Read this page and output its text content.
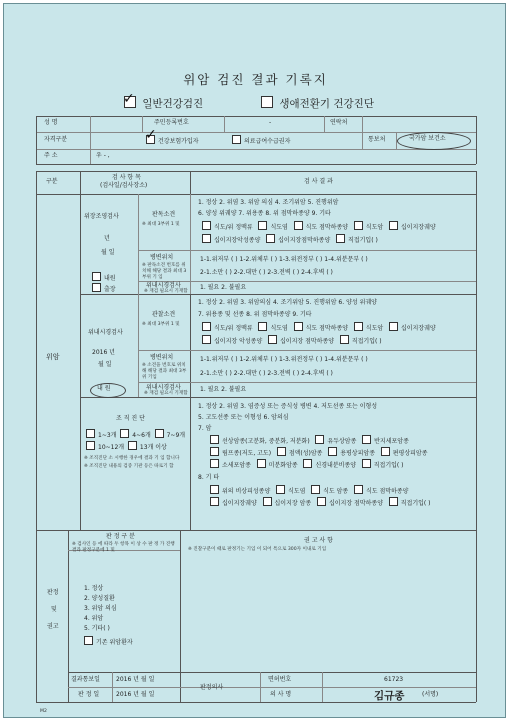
위암 검진 결과 기록지
✓ 일반건강검진	생애전환기 건강진단
성 명	주민등록번호	-	연락처
자격구분
✓	건강보험가입자	의료급여수급권자	통보처	국가암 보건소
주 소	우 - ,
구분
검 사 항 목
(검사일/검사장소)
검 사 결 과
위암
위장조영검사
년
월 일
내원
출장
판독소견
※ 최대 3부위 1 및
1. 정상 2. 위염 3. 위암 의심 4. 조기위암 5. 진행위암
6. 양성 위궤양 7. 위용종 8. 위 점막하종양 9. 기타
식도/위 정맥류	식도염	식도 점막하종양	식도암	십이지장궤양
십이지장악성종양	십이지장점막하종양	직접기입( )
병변위치
※ 판독소견 번호를 위치해 해당 결과 최대 3부위 기 입
1-1.위저부 ( ) 1-2.위체부 ( ) 1-3.위전정부 ( ) 1-4.위분문부 ( )
2-1.소만 ( ) 2-2.대만 ( ) 2-3.전벽 ( ) 2-4.후벽 ( )
위내시경검사
※ 재검 필요시 기재함
1. 필요 2. 불필요
위내시경검사
2016 년
월 일
내 원
관찰소견
※ 최대 3부위 1 및
1. 정상 2. 위염 3. 위암의심 4. 조기위암 5. 진행위암 6. 양성 위궤양
7. 위용종 및 선종 8. 위 점막하종양 9. 기타
식도/위 정맥류	식도염	식도 점막하종양	식도암	십이지장궤양
십이지장 악성종양	십이지장 점막하종양	직접기입( )
병변위치
※ 소견을 번호로 위치해 해당 결과 최대 3부위 기입
1-1.위저부 ( ) 1-2.위체부 ( ) 1-3.위전정부 ( ) 1-4.위분문부 ( )
2-1.소만 ( ) 2-2.대만 ( ) 2-3.전벽 ( ) 2-4.후벽 ( )
위내시경검사
※ 재검 필요시 기재함
1. 필요 2. 불필요
조 직 진 단
1~3개	4~6개	7~9개
10~12개	13개 이상
※ 조직진단 소 시행한 경우에 결과 기 입 합니다
※ 조직진단 내용의 검증 기관 등은 따로기 합
1. 정상 2. 위염 3. 염증성 또는 증식성 병변 4. 저도선종 또는 이형성
5. 고도선종 또는 이형성 6. 암의심
7. 암
선상암종(고분화, 중분화, 저분화)	유두상암종	반지세포암종
림프종(저도, 고도)	점액(성)암종	용평상피암종	편평상피암종
소세포암종	미분화암종	신경내분비종양	직접기입( )
8. 기 타
위의 비상피성종양	식도염	식도 암종	식도 점막하종양
십이지장궤양	십이지장 암종	십이지장 점막하종양	직접기입( )
판정
및
권고
판 정 구 분
※ 검사인 등 에 따라 두 항목 이 상 수 판 정 가 진행 결과 판정구분에 1 및
1. 정상
2. 양성질환
3. 위암 의심
4. 위암
5. 기타( )
기존 위암환자
권 고 사 항
※ 진찰구분이 때로 판정기는 기입 이 되어 특으로 300자 이내로 기입
결과통보일	2016 년 월 일
판 정 일	2016 년 월 일
판정의사
면허번호	61723
의 사 명	김규종	(서명)
M2
